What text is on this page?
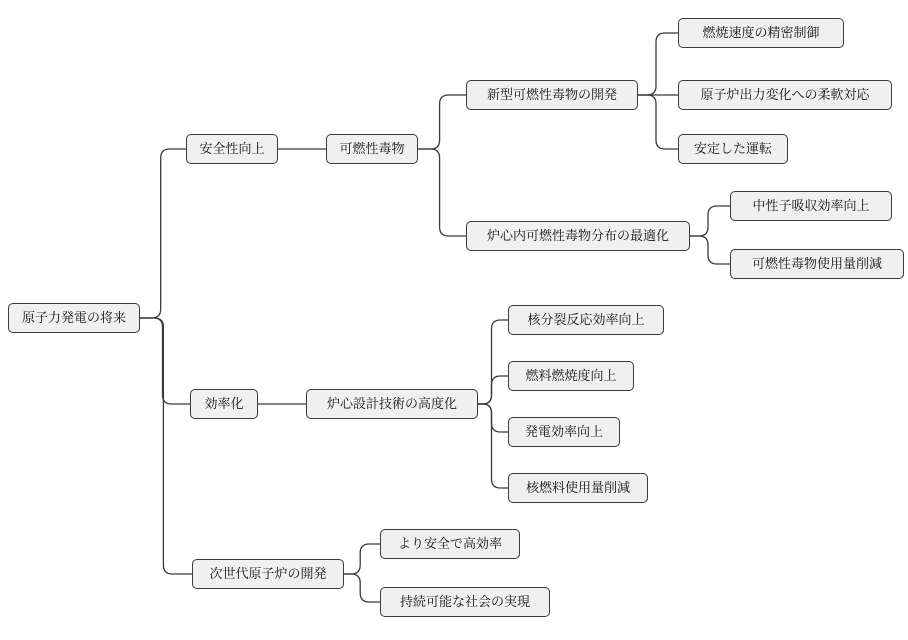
原子力発電の将来
安全性向上	可燃性毒物
新型可燃性毒物の開発
燃焼速度の精密制御
原子炉出力変化への柔軟対応
安定した運転
炉心内可燃性毒物分布の最適化
中性子吸収効率向上
可燃性毒物使用量削減
効率化	炉心設計技術の高度化
核分裂反応効率向上
燃料燃焼度向上
発電効率向上
核燃料使用量削減
次世代原子炉の開発
より安全で高効率
持続可能な社会の実現
